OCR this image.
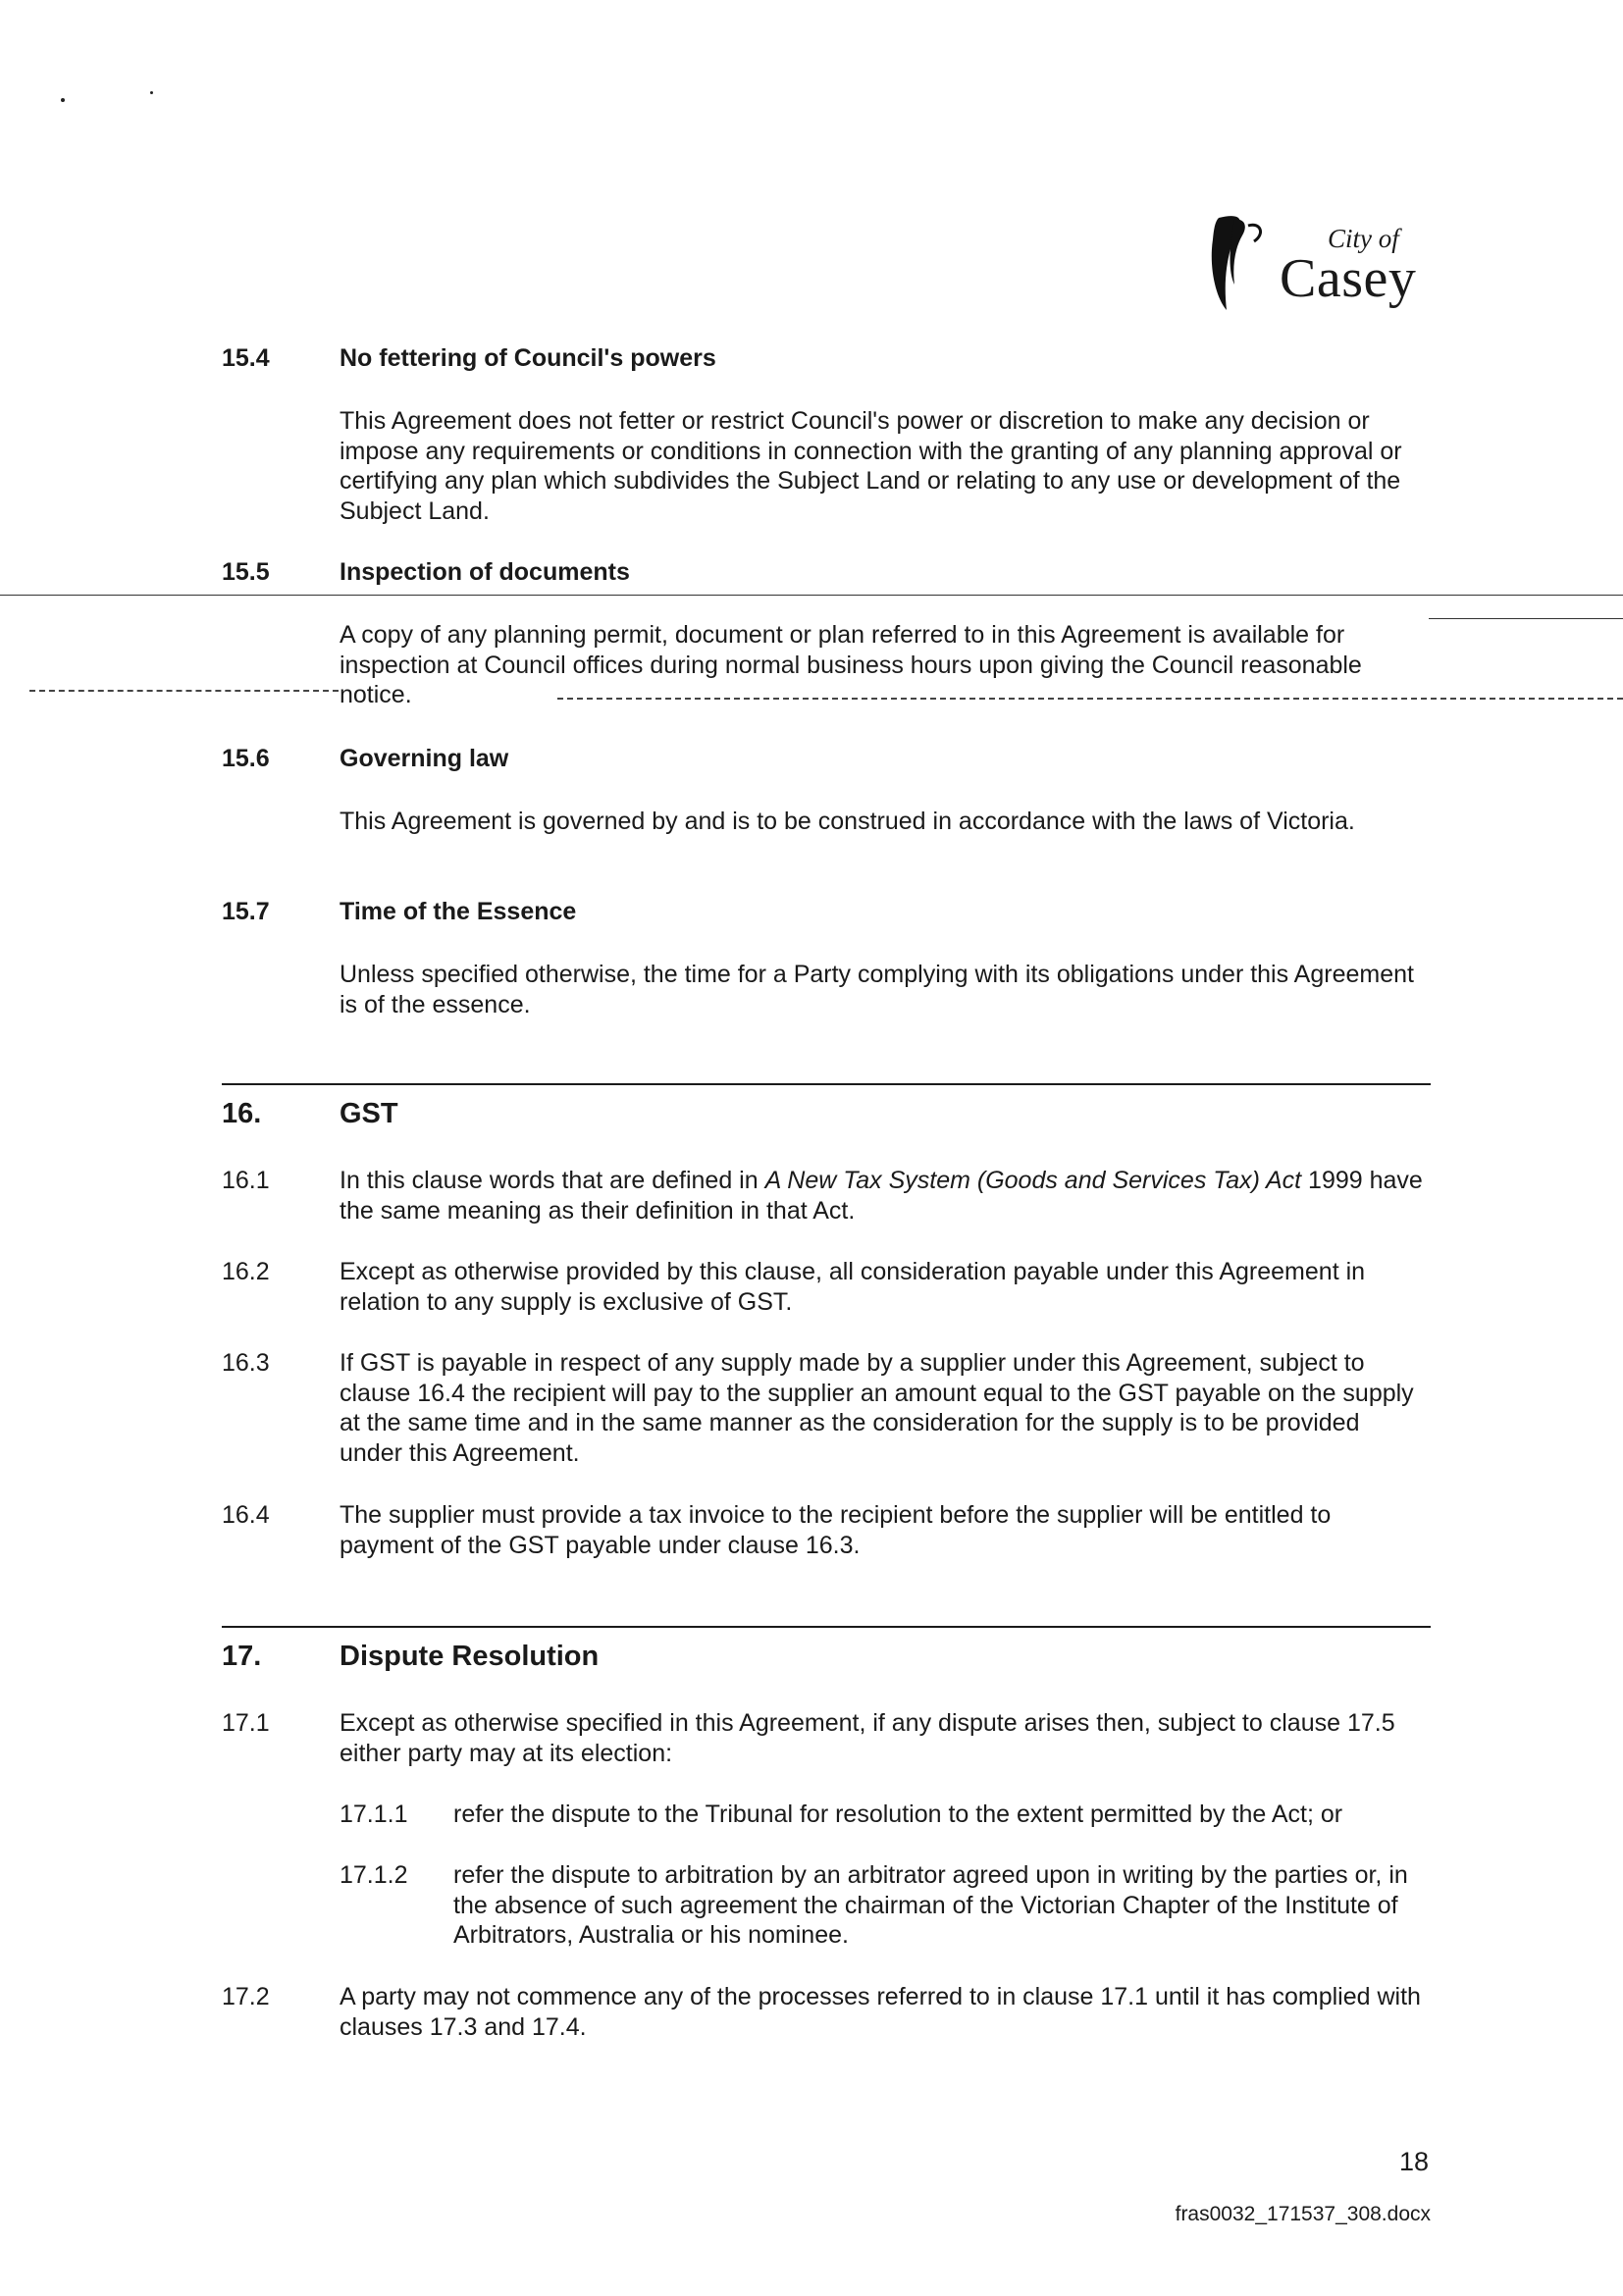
City of
Casey
15.4	No fettering of Council's powers
This Agreement does not fetter or restrict Council's power or discretion to make any decision or impose any requirements or conditions in connection with the granting of any planning approval or certifying any plan which subdivides the Subject Land or relating to any use or development of the Subject Land.
15.5	Inspection of documents
A copy of any planning permit, document or plan referred to in this Agreement is available for inspection at Council offices during normal business hours upon giving the Council reasonable notice.
15.6	Governing law
This Agreement is governed by and is to be construed in accordance with the laws of Victoria.
15.7	Time of the Essence
Unless specified otherwise, the time for a Party complying with its obligations under this Agreement is of the essence.
16.	GST
16.1	In this clause words that are defined in A New Tax System (Goods and Services Tax) Act 1999 have the same meaning as their definition in that Act.
16.2	Except as otherwise provided by this clause, all consideration payable under this Agreement in relation to any supply is exclusive of GST.
16.3	If GST is payable in respect of any supply made by a supplier under this Agreement, subject to clause 16.4 the recipient will pay to the supplier an amount equal to the GST payable on the supply at the same time and in the same manner as the consideration for the supply is to be provided under this Agreement.
16.4	The supplier must provide a tax invoice to the recipient before the supplier will be entitled to payment of the GST payable under clause 16.3.
17.	Dispute Resolution
17.1	Except as otherwise specified in this Agreement, if any dispute arises then, subject to clause 17.5 either party may at its election:
17.1.1 refer the dispute to the Tribunal for resolution to the extent permitted by the Act; or
17.1.2 refer the dispute to arbitration by an arbitrator agreed upon in writing by the parties or, in the absence of such agreement the chairman of the Victorian Chapter of the Institute of Arbitrators, Australia or his nominee.
17.2	A party may not commence any of the processes referred to in clause 17.1 until it has complied with clauses 17.3 and 17.4.
18
fras0032_171537_308.docx
